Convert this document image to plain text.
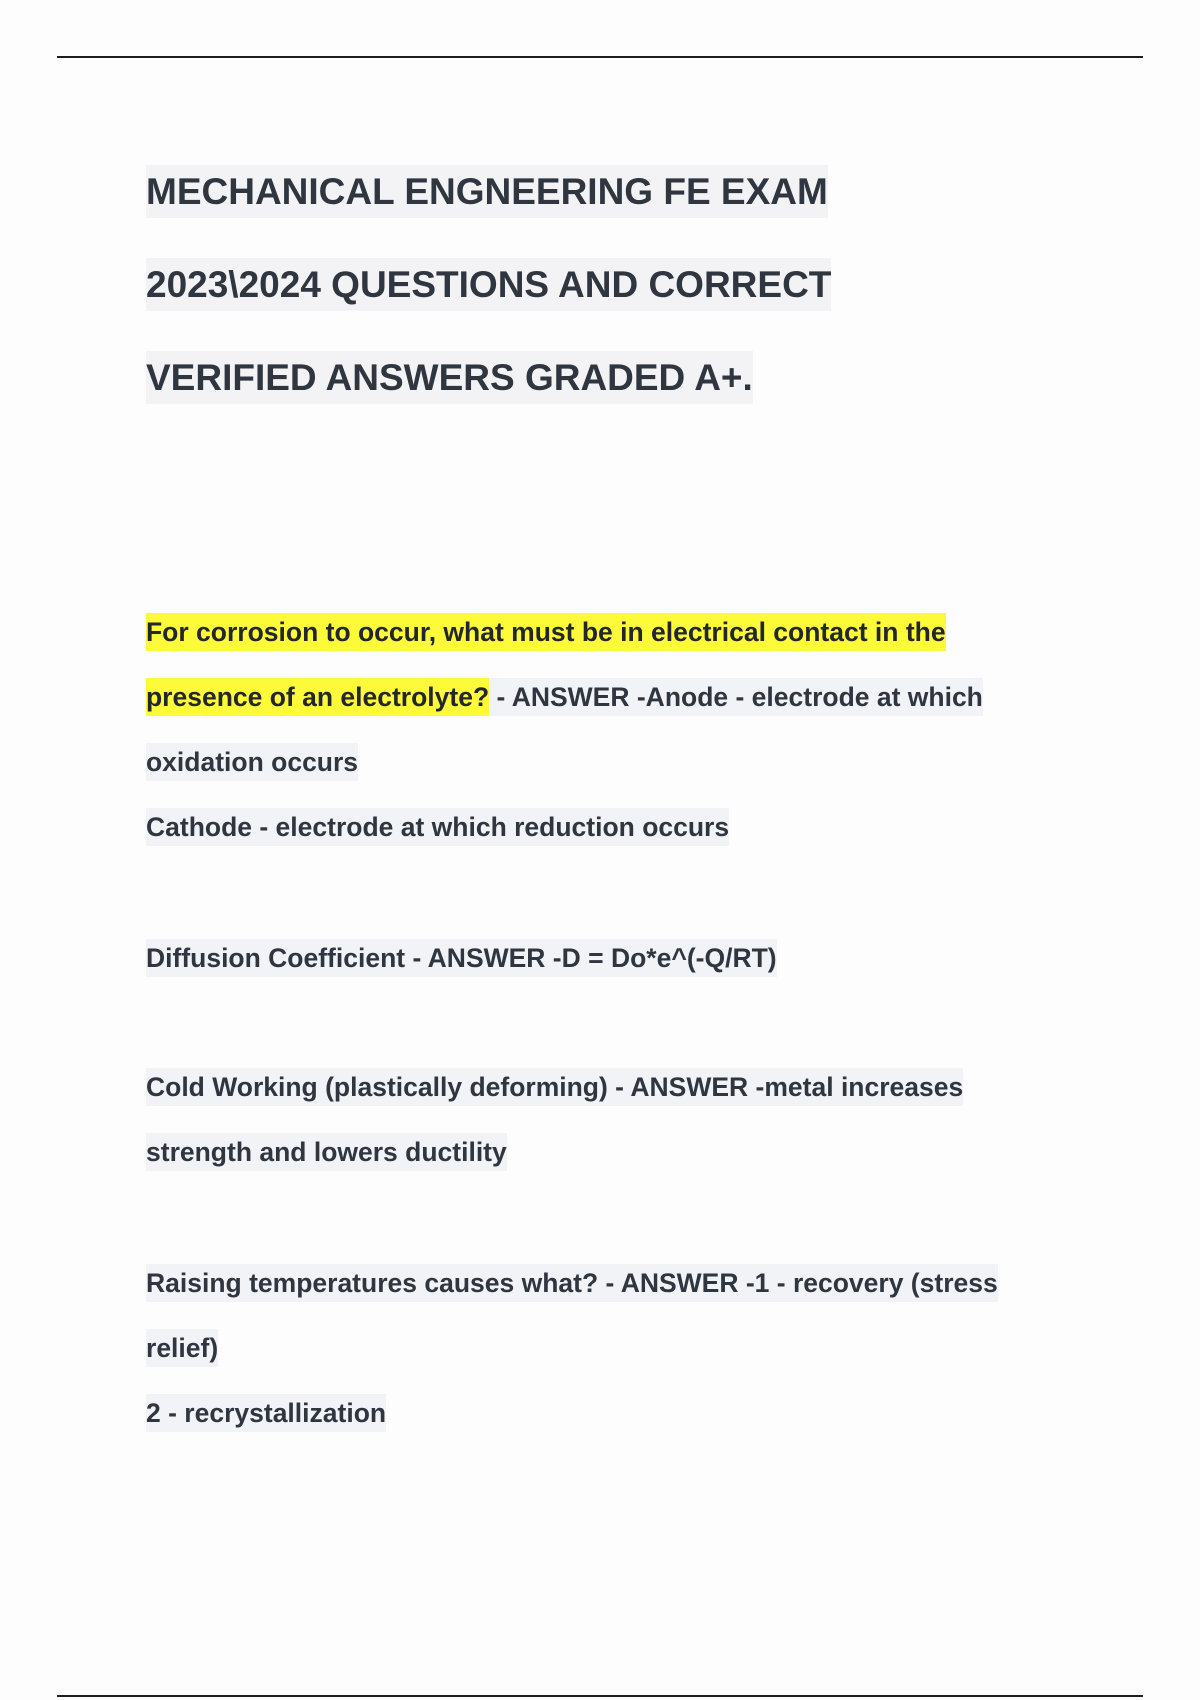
MECHANICAL ENGNEERING FE EXAM
2023\2024 QUESTIONS AND CORRECT
VERIFIED ANSWERS GRADED A+.
For corrosion to occur, what must be in electrical contact in the
presence of an electrolyte? - ANSWER -Anode - electrode at which
oxidation occurs
Cathode - electrode at which reduction occurs
Diffusion Coefficient - ANSWER -D = Do*e^(-Q/RT)
Cold Working (plastically deforming) - ANSWER -metal increases
strength and lowers ductility
Raising temperatures causes what? - ANSWER -1 - recovery (stress
relief)
2 - recrystallization
